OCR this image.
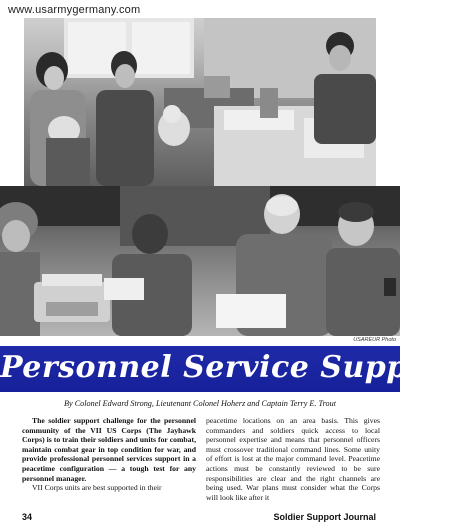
www.usarmygermany.com
USAREUR Photo
Personnel Service Support
By Colonel Edward Strong, Lieutenant Colonel Hoherz and Captain Terry E. Trout

The soldier support challenge for the personnel community of the VII US Corps (The Jayhawk Corps) is to train their soldiers and units for combat, maintain combat gear in top condition for war, and provide professional personnel services support in a peacetime configuration — a tough test for any personnel manager.

VII Corps units are best supported in their

peacetime locations on an area basis. This gives commanders and soldiers quick access to local personnel expertise and means that personnel officers must crossover traditional command lines. Some unity of effort is lost at the major command level. Peacetime actions must be constantly reviewed to be sure responsibilities are clear and the right channels are being used. War plans must consider what the Corps will look like after it

34	Soldier Support Journal
